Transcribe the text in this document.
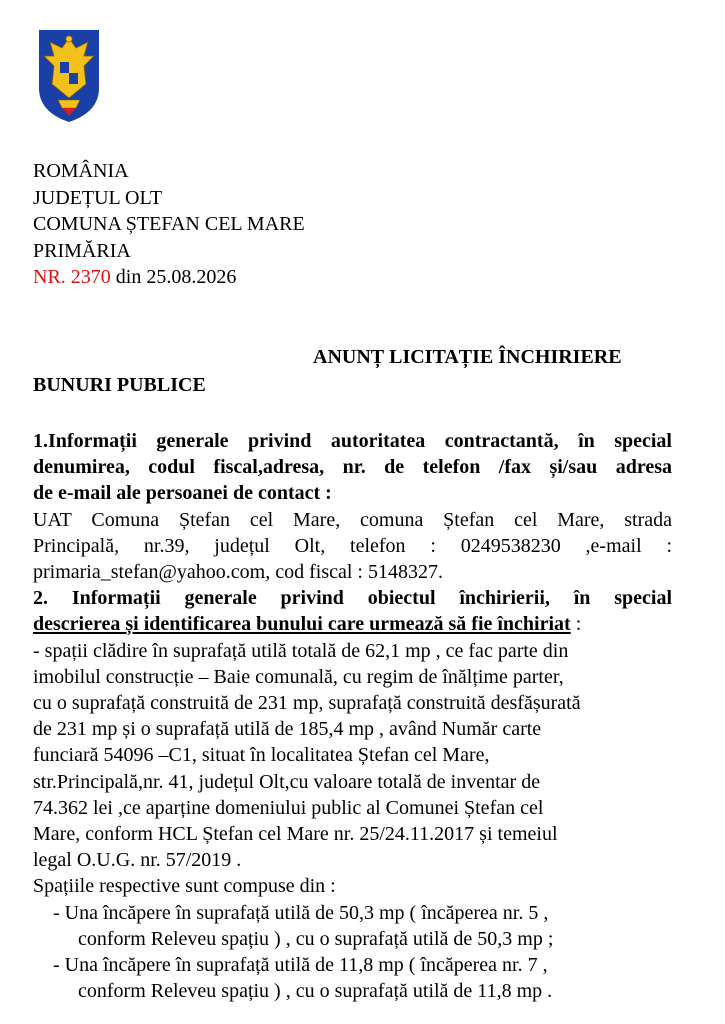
ROMÂNIA
JUDEȚUL OLT
COMUNA ȘTEFAN CEL MARE
PRIMĂRIA
NR. 2370 din 25.08.2026
ANUNȚ LICITAȚIE ÎNCHIRIERE
BUNURI PUBLICE

1.Informații generale privind autoritatea contractantă, în special

denumirea, codul fiscal,adresa, nr. de telefon /fax și/sau adresa

de e-mail ale persoanei de contact :

UAT Comuna Ștefan cel Mare, comuna Ștefan cel Mare, strada

Principală, nr.39, județul Olt, telefon : 0249538230 ,e-mail :

primaria_stefan@yahoo.com, cod fiscal : 5148327.

2. Informații generale privind obiectul închirierii, în special

descrierea și identificarea bunului care urmează să fie închiriat :

- spații clădire în suprafață utilă totală de 62,1 mp , ce fac parte din

imobilul construcție – Baie comunală, cu regim de înălțime parter,

cu o suprafață construită de 231 mp, suprafață construită desfășurată

de 231 mp și o suprafață utilă de 185,4 mp , având Număr carte

funciară 54096 –C1, situat în localitatea Ștefan cel Mare,

str.Principală,nr. 41, județul Olt,cu valoare totală de inventar de

74.362 lei ,ce aparține domeniului public al Comunei Ștefan cel

Mare, conform HCL Ștefan cel Mare nr. 25/24.11.2017 și temeiul

legal O.U.G. nr. 57/2019 .

Spațiile respective sunt compuse din :

- Una încăpere în suprafață utilă de 50,3 mp ( încăperea nr. 5 ,

conform Releveu spațiu ) , cu o suprafață utilă de 50,3 mp ;

- Una încăpere în suprafață utilă de 11,8 mp ( încăperea nr. 7 ,

conform Releveu spațiu ) , cu o suprafață utilă de 11,8 mp .
